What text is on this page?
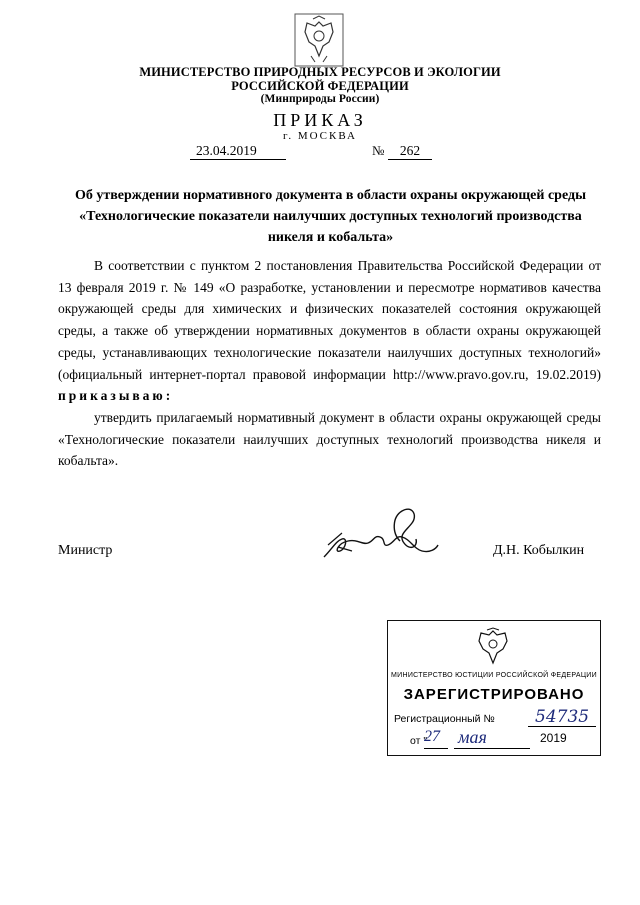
МИНИСТЕРСТВО ПРИРОДНЫХ РЕСУРСОВ И ЭКОЛОГИИ
РОССИЙСКОЙ ФЕДЕРАЦИИ
(Минприроды России)
ПРИКАЗ
г. МОСКВА
23.04.2019	№	262
Об утверждении нормативного документа в области охраны окружающей среды «Технологические показатели наилучших доступных технологий производства никеля и кобальта»
В соответствии с пунктом 2 постановления Правительства Российской Федерации от 13 февраля 2019 г. № 149 «О разработке, установлении и пересмотре нормативов качества окружающей среды для химических и физических показателей состояния окружающей среды, а также об утверждении нормативных документов в области охраны окружающей среды, устанавливающих технологические показатели наилучших доступных технологий» (официальный интернет-портал правовой информации http://www.pravo.gov.ru, 19.02.2019) приказываю:
утвердить прилагаемый нормативный документ в области охраны окружающей среды «Технологические показатели наилучших доступных технологий производства никеля и кобальта».
Министр	Д.Н. Кобылкин
МИНИСТЕРСТВО ЮСТИЦИИ РОССИЙСКОЙ ФЕДЕРАЦИИ
ЗАРЕГИСТРИРОВАНО
Регистрационный № 54735
от "
27 мая	2019
